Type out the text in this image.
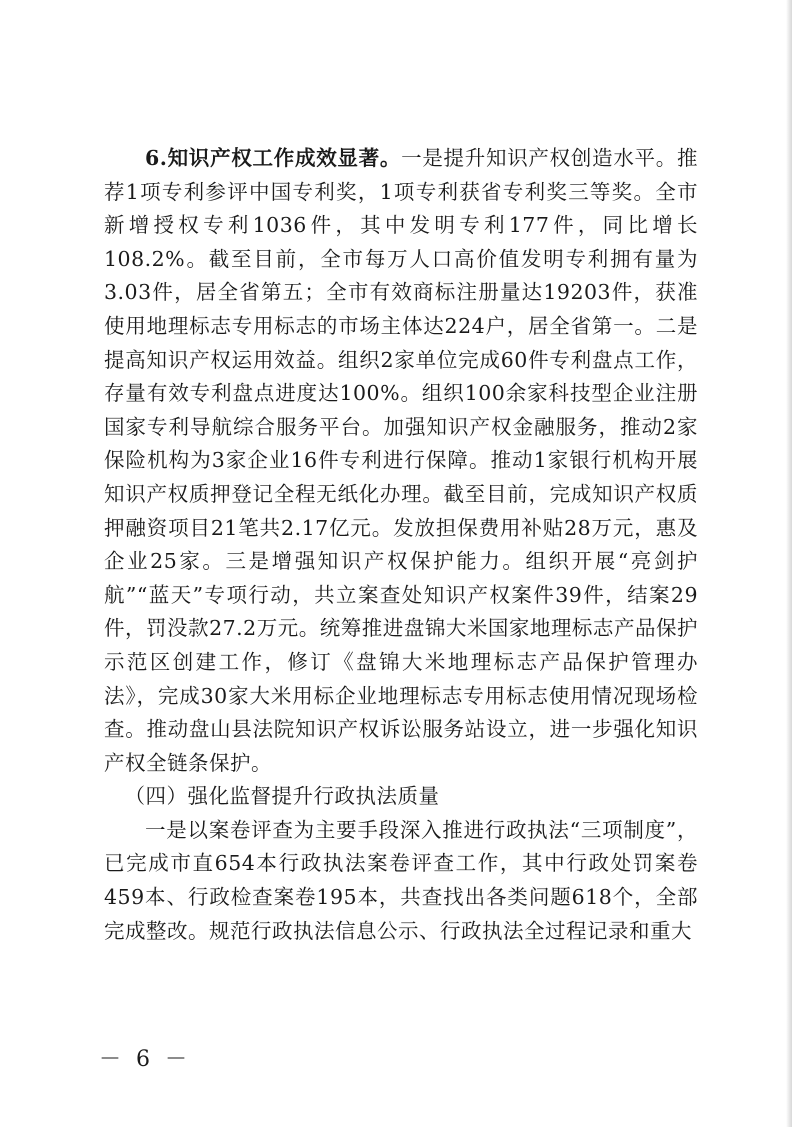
6.知识产权工作成效显著。一是提升知识产权创造水平。推荐1项专利参评中国专利奖，1项专利获省专利奖三等奖。全市新增授权专利1036件，其中发明专利177件，同比增长108.2%。截至目前，全市每万人口高价值发明专利拥有量为3.03件，居全省第五；全市有效商标注册量达19203件，获准使用地理标志专用标志的市场主体达224户，居全省第一。二是提高知识产权运用效益。组织2家单位完成60件专利盘点工作，存量有效专利盘点进度达100%。组织100余家科技型企业注册国家专利导航综合服务平台。加强知识产权金融服务，推动2家保险机构为3家企业16件专利进行保障。推动1家银行机构开展知识产权质押登记全程无纸化办理。截至目前，完成知识产权质押融资项目21笔共2.17亿元。发放担保费用补贴28万元，惠及企业25家。三是增强知识产权保护能力。组织开展“亮剑护航”“蓝天”专项行动，共立案查处知识产权案件39件，结案29件，罚没款27.2万元。统筹推进盘锦大米国家地理标志产品保护示范区创建工作，修订《盘锦大米地理标志产品保护管理办法》，完成30家大米用标企业地理标志专用标志使用情况现场检查。推动盘山县法院知识产权诉讼服务站设立，进一步强化知识产权全链条保护。

（四）强化监督提升行政执法质量

一是以案卷评查为主要手段深入推进行政执法“三项制度”，已完成市直654本行政执法案卷评查工作，其中行政处罚案卷459本、行政检查案卷195本，共查找出各类问题618个，全部完成整改。规范行政执法信息公示、行政执法全过程记录和重大

－ 6 －
